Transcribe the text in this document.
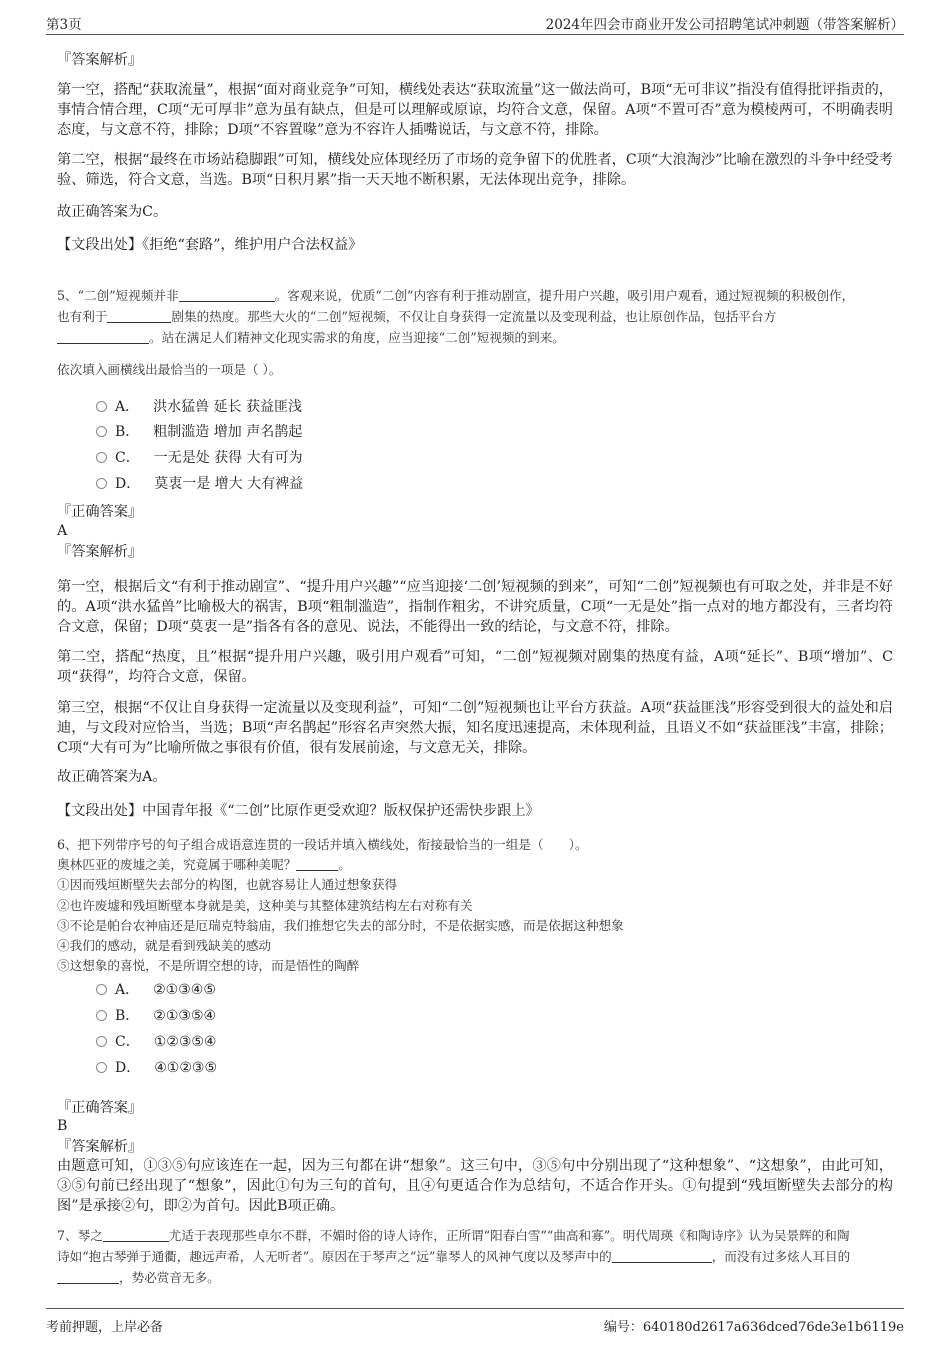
第3页	2024年四会市商业开发公司招聘笔试冲刺题（带答案解析）
『答案解析』
第一空，搭配“获取流量”，根据“面对商业竞争”可知，横线处表达“获取流量”这一做法尚可，B项“无可非议”指没有值得批评指责的，事情合情合理，C项“无可厚非”意为虽有缺点，但是可以理解或原谅，均符合文意，保留。A项“不置可否”意为模棱两可，不明确表明态度，与文意不符，排除；D项“不容置喙”意为不容许人插嘴说话，与文意不符，排除。
第二空，根据“最终在市场站稳脚跟”可知，横线处应体现经历了市场的竞争留下的优胜者，C项“大浪淘沙”比喻在激烈的斗争中经受考验、筛选，符合文意，当选。B项“日积月累”指一天天地不断积累，无法体现出竞争，排除。
故正确答案为C。
【文段出处】《拒绝“套路”，维护用户合法权益》
5、“二创”短视频并非	。客观来说，优质“二创”内容有利于推动剧宣，提升用户兴趣，吸引用户观看，通过短视频的积极创作，
也有利于	剧集的热度。那些大火的“二创”短视频，不仅让自身获得一定流量以及变现利益，也让原创作品，包括平台方
。站在满足人们精神文化现实需求的角度，应当迎接“二创”短视频的到来。
依次填入画横线出最恰当的一项是（ ）。
A． 洪水猛兽 延长 获益匪浅
B． 粗制滥造 增加 声名鹊起
C． 一无是处 获得 大有可为
D． 莫衷一是 增大 大有裨益
『正确答案』
A
『答案解析』
第一空，根据后文“有利于推动剧宣”、“提升用户兴趣”“应当迎接‘二创’短视频的到来”，可知“二创”短视频也有可取之处，并非是不好的。A项“洪水猛兽”比喻极大的祸害，B项“粗制滥造”，指制作粗劣，不讲究质量，C项“一无是处”指一点对的地方都没有，三者均符合文意，保留；D项“莫衷一是”指各有各的意见、说法，不能得出一致的结论，与文意不符，排除。
第二空，搭配“热度，且”根据“提升用户兴趣，吸引用户观看”可知，“二创”短视频对剧集的热度有益，A项“延长”、B项“增加”、C项“获得”，均符合文意，保留。
第三空，根据“不仅让自身获得一定流量以及变现利益”，可知“二创”短视频也让平台方获益。A项“获益匪浅”形容受到很大的益处和启迪，与文段对应恰当，当选；B项“声名鹊起”形容名声突然大振，知名度迅速提高，未体现利益，且语义不如“获益匪浅”丰富，排除；C项“大有可为”比喻所做之事很有价值，很有发展前途，与文意无关，排除。
故正确答案为A。
【文段出处】中国青年报《“二创”比原作更受欢迎？版权保护还需快步跟上》
6、把下列带序号的句子组合成语意连贯的一段话并填入横线处，衔接最恰当的一组是（　　）。
奥林匹亚的废墟之美，究竟属于哪种美呢？	。
①因而残垣断壁失去部分的构图，也就容易让人通过想象获得
②也许废墟和残垣断壁本身就是美，这种美与其整体建筑结构左右对称有关
③不论是帕台农神庙还是厄瑞克特翁庙，我们推想它失去的部分时，不是依据实感，而是依据这种想象
④我们的感动，就是看到残缺美的感动
⑤这想象的喜悦，不是所谓空想的诗，而是悟性的陶醉
A． ②①③④⑤
B． ②①③⑤④
C． ①②③⑤④
D． ④①②③⑤
『正确答案』
B
『答案解析』
由题意可知，①③⑤句应该连在一起，因为三句都在讲“想象”。这三句中，③⑤句中分别出现了“这种想象”、“这想象”，由此可知，③⑤句前已经出现了“想象”，因此①句为三句的首句，且④句更适合作为总结句，不适合作开头。①句提到“残垣断壁失去部分的构图”是承接②句，即②为首句。因此B项正确。
7、琴之	尤适于表现那些卓尔不群，不媚时俗的诗人诗作，正所谓“阳春白雪”“曲高和寡”。明代周瑛《和陶诗序》认为吴景辉的和陶
诗如“抱古琴弹于通衢，趣远声希，人无听者”。原因在于琴声之“远”靠琴人的风神气度以及琴声中的	，而没有过多炫人耳目的
，势必赏音无多。
考前押题，上岸必备	编号：640180d2617a636dced76de3e1b6119e
